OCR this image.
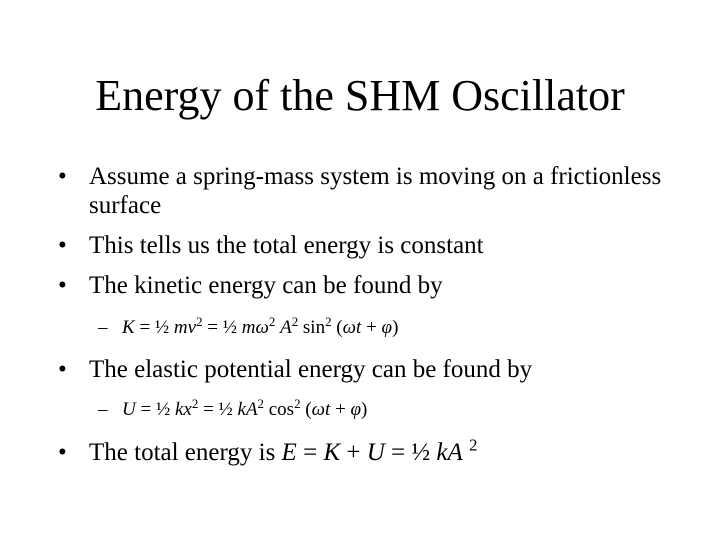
Energy of the SHM Oscillator
• Assume a spring-mass system is moving on a frictionless surface
• This tells us the total energy is constant
• The kinetic energy can be found by
– K = ½ $mv^2$ = ½ $m\omega^2$ $A^2$ $\sin^2 (\omega t + \varphi)$
• The elastic potential energy can be found by
– U = ½ $kx^2$ = ½ $kA^2$ $\cos^2 (\omega t + \varphi)$
• The total energy is E = K + U = ½ kA $^2$
